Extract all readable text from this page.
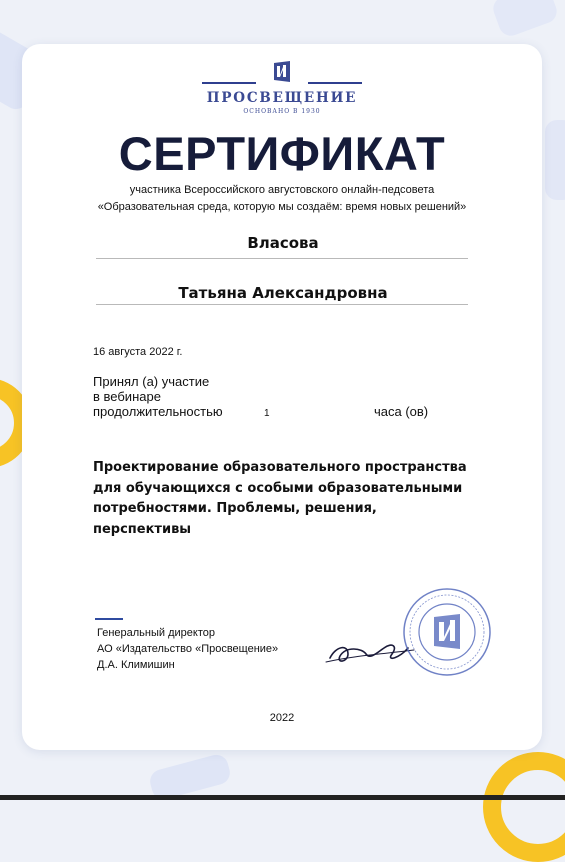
ПРОСВЕЩЕНИЕ
ОСНОВАНО В 1930
СЕРТИФИКАТ
участника Всероссийского августовского онлайн-педсовета
«Образовательная среда, которую мы создаём: время новых решений»
Власова
Татьяна Александровна
16 августа 2022 г.
Принял (а) участие
в вебинаре
продолжительностью	1	часа (ов)
Проектирование образовательного пространства для обучающихся с особыми образовательными потребностями. Проблемы, решения, перспективы
Генеральный директор
АО «Издательство «Просвещение»
Д.А. Климишин
2022
